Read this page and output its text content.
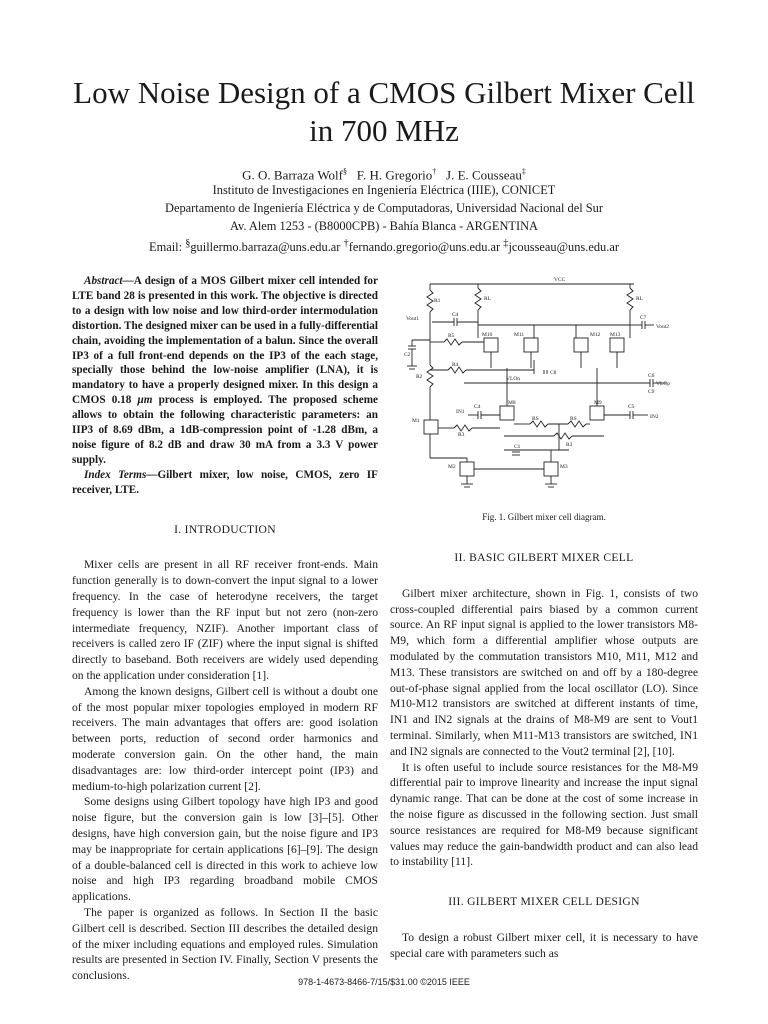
Low Noise Design of a CMOS Gilbert Mixer Cell
in 700 MHz
G. O. Barraza Wolf§ F. H. Gregorio† J. E. Cousseau‡
Instituto de Investigaciones en Ingeniería Eléctrica (IIIE), CONICET
Departamento de Ingeniería Eléctrica y de Computadoras, Universidad Nacional del Sur
Av. Alem 1253 - (B8000CPB) - Bahía Blanca - ARGENTINA
Email: §guillermo.barraza@uns.edu.ar †fernando.gregorio@uns.edu.ar ‡jcousseau@uns.edu.ar

Abstract—A design of a MOS Gilbert mixer cell intended for LTE band 28 is presented in this work. The objective is directed to a design with low noise and low third-order intermodulation distortion. The designed mixer can be used in a fully-differential chain, avoiding the implementation of a balun. Since the overall IP3 of a full front-end depends on the IP3 of the each stage, specially those behind the low-noise amplifier (LNA), it is mandatory to have a properly designed mixer. In this design a CMOS 0.18 μm process is employed. The proposed scheme allows to obtain the following characteristic parameters: an IIP3 of 8.69 dBm, a 1dB-compression point of -1.28 dBm, a noise figure of 8.2 dB and draw 30 mA from a 3.3 V power supply.

Index Terms—Gilbert mixer, low noise, CMOS, zero IF receiver, LTE.

I. INTRODUCTION

Mixer cells are present in all RF receiver front-ends. Main function generally is to down-convert the input signal to a lower frequency. In the case of heterodyne receivers, the target frequency is lower than the RF input but not zero (non-zero intermediate frequency, NZIF). Another important class of receivers is called zero IF (ZIF) where the input signal is shifted directly to baseband. Both receivers are widely used depending on the application under consideration [1].

Among the known designs, Gilbert cell is without a doubt one of the most popular mixer topologies employed in modern RF receivers. The main advantages that offers are: good isolation between ports, reduction of second order harmonics and moderate conversion gain. On the other hand, the main disadvantages are: low third-order intercept point (IP3) and medium-to-high polarization current [2].

Some designs using Gilbert topology have high IP3 and good noise figure, but the conversion gain is low [3]–[5]. Other designs, have high conversion gain, but the noise figure and IP3 may be inappropriate for certain applications [6]–[9]. The design of a double-balanced cell is directed in this work to achieve low noise and high IP3 regarding broadband mobile CMOS applications.

The paper is organized as follows. In Section II the basic Gilbert cell is described. Section III describes the detailed design of the mixer including equations and employed rules. Simulation results are presented in Section IV. Finally, Section V presents the conclusions.

VCC
R1	RL	RL
C4
Vout1	C7
Vout2
C2
R5	M10	M11	M12 M13
R2
R4
VLOn
C8	C6
VLOp
C9
IN1
C4
M8	M9
C5
IN2
M1
R3
RS	RS
R3
C1
M2	M3
Fig. 1. Gilbert mixer cell diagram.
II. BASIC GILBERT MIXER CELL

Gilbert mixer architecture, shown in Fig. 1, consists of two cross-coupled differential pairs biased by a common current source. An RF input signal is applied to the lower transistors M8-M9, which form a differential amplifier whose outputs are modulated by the commutation transistors M10, M11, M12 and M13. These transistors are switched on and off by a 180-degree out-of-phase signal applied from the local oscillator (LO). Since M10-M12 transistors are switched at different instants of time, IN1 and IN2 signals at the drains of M8-M9 are sent to Vout1 terminal. Similarly, when M11-M13 transistors are switched, IN1 and IN2 signals are connected to the Vout2 terminal [2], [10].

It is often useful to include source resistances for the M8-M9 differential pair to improve linearity and increase the input signal dynamic range. That can be done at the cost of some increase in the noise figure as discussed in the following section. Just small source resistances are required for M8-M9 because significant values may reduce the gain-bandwidth product and can also lead to instability [11].

III. GILBERT MIXER CELL DESIGN

To design a robust Gilbert mixer cell, it is necessary to have special care with parameters such as

978-1-4673-8466-7/15/$31.00 ©2015 IEEE
